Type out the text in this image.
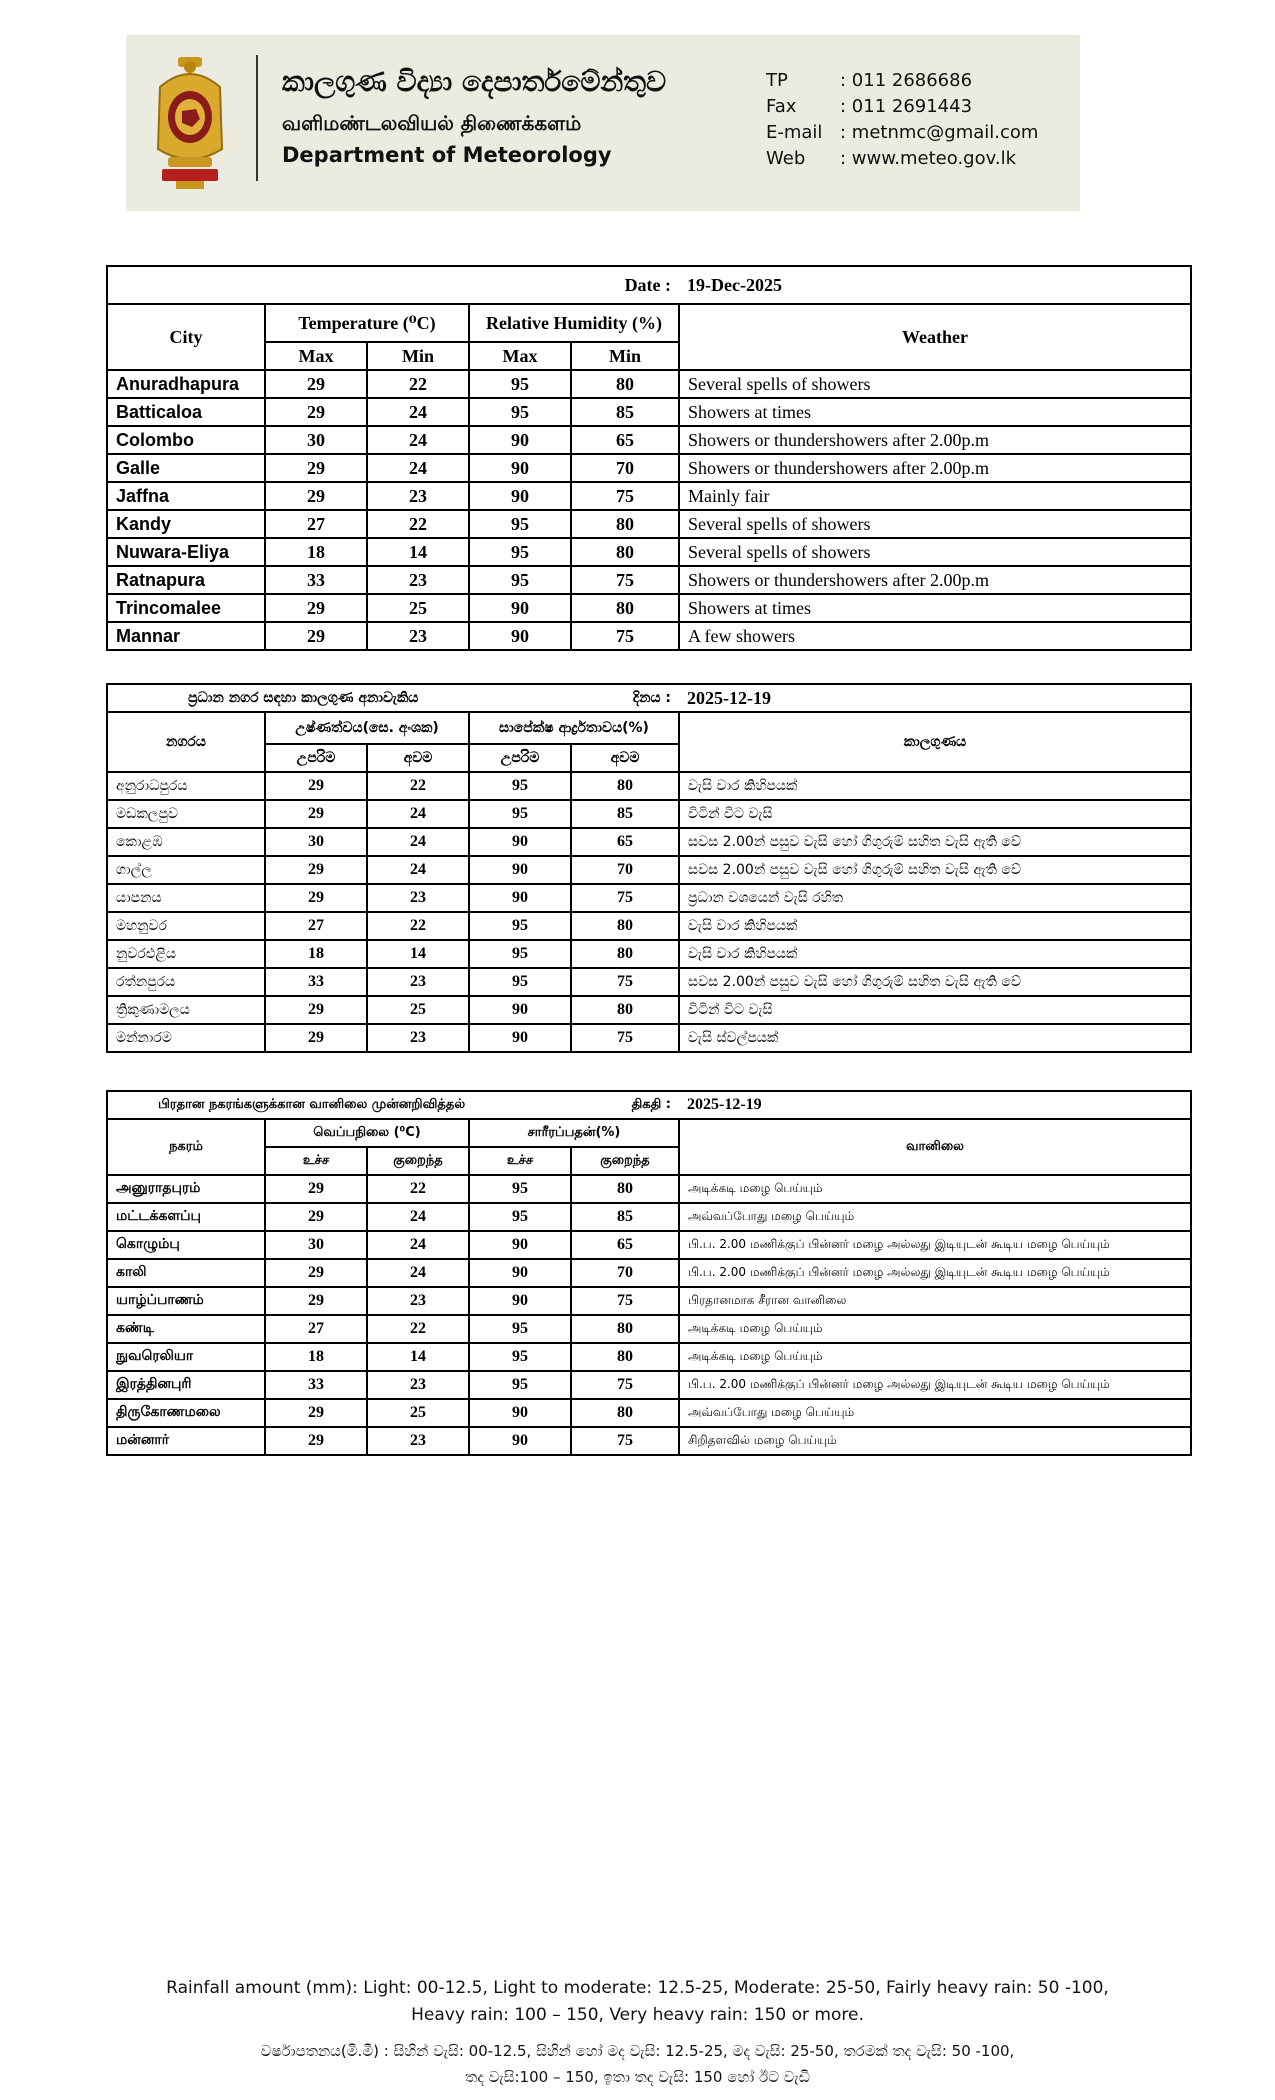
කාලගුණ විද්‍යා දෙපාර්තමේන්තුව
வளிமண்டலவியல் திணைக்களம்
Department of Meteorology
TP	: 011 2686686
Fax	: 011 2691443
E-mail : metnmc@gmail.com
Web	: www.meteo.gov.lk
Date :					19-Dec-2025
City	Temperature (⁰C)		Relative Humidity (%)		Weather
	Max	Min	Max	Min	
Anuradhapura	29	22	95	80	Several spells of showers
Batticaloa	29	24	95	85	Showers at times
Colombo	30	24	90	65	Showers or thundershowers after 2.00p.m
Galle	29	24	90	70	Showers or thundershowers after 2.00p.m
Jaffna	29	23	90	75	Mainly fair
Kandy	27	22	95	80	Several spells of showers
Nuwara-Eliya	18	14	95	80	Several spells of showers
Ratnapura	33	23	95	75	Showers or thundershowers after 2.00p.m
Trincomalee	29	25	90	80	Showers at times
Mannar	29	23	90	75	A few showers
ප්‍රධාන නගර සඳහා කාලගුණ අනාවැකිය				දිනය :	2025-12-19
නගරය	උෂ්ණත්වය(සෙ. අංශක)		සාපේක්ෂ ආර්ද්‍රතාවය(%)		කාලගුණය
	උපරිම	අවම	උපරිම	අවම	
අනුරාධපුරය	29	22	95	80	වැසි වාර කිහිපයක්
මඩකලපුව	29	24	95	85	විටින් විට වැසි
කොළඹ	30	24	90	65	සවස 2.00න් පසුව වැසි හෝ ගිගුරුම් සහිත වැසි ඇති වේ
ගාල්ල	29	24	90	70	සවස 2.00න් පසුව වැසි හෝ ගිගුරුම් සහිත වැසි ඇති වේ
යාපනය	29	23	90	75	ප්‍රධාන වශයෙන් වැසි රහිත
මහනුවර	27	22	95	80	වැසි වාර කිහිපයක්
නුවරඑළිය	18	14	95	80	වැසි වාර කිහිපයක්
රත්නපුරය	33	23	95	75	සවස 2.00න් පසුව වැසි හෝ ගිගුරුම් සහිත වැසි ඇති වේ
ත්‍රිකුණාමලය	29	25	90	80	විටින් විට වැසි
මන්නාරම	29	23	90	75	වැසි ස්වල්පයක්
பிரதான நகரங்களுக்கான வானிலை முன்னறிவித்தல்				திகதி :	2025-12-19
நகரம்	வெப்பநிலை (⁰C)		சாரீரப்பதன்(%)		வானிலை
	உச்ச	குறைந்த	உச்ச	குறைந்த	
அனுராதபுரம்	29	22	95	80	அடிக்கடி மழை பெய்யும்
மட்டக்களப்பு	29	24	95	85	அவ்வப்போது மழை பெய்யும்
கொழும்பு	30	24	90	65	பி.ப. 2.00 மணிக்குப் பின்னர் மழை அல்லது இடியுடன் கூடிய மழை பெய்யும்
காலி	29	24	90	70	பி.ப. 2.00 மணிக்குப் பின்னர் மழை அல்லது இடியுடன் கூடிய மழை பெய்யும்
யாழ்ப்பாணம்	29	23	90	75	பிரதானமாக சீரான வானிலை
கண்டி	27	22	95	80	அடிக்கடி மழை பெய்யும்
நுவரெலியா	18	14	95	80	அடிக்கடி மழை பெய்யும்
இரத்தினபுரி	33	23	95	75	பி.ப. 2.00 மணிக்குப் பின்னர் மழை அல்லது இடியுடன் கூடிய மழை பெய்யும்
திருகோணமலை	29	25	90	80	அவ்வப்போது மழை பெய்யும்
மன்னார்	29	23	90	75	சிறிதளவில் மழை பெய்யும்
Rainfall amount (mm): Light: 00-12.5, Light to moderate: 12.5-25, Moderate: 25-50, Fairly heavy rain: 50 -100,
Heavy rain: 100 – 150, Very heavy rain: 150 or more.
වර්ෂාපතනය(මි.මී) : සිහින් වැසි: 00-12.5, සිහින් හෝ මද වැසි: 12.5-25, මද වැසි: 25-50, තරමක් තද වැසි: 50 -100,
තද වැසි:100 – 150, ඉතා තද වැසි: 150 හෝ ඊට වැඩි
